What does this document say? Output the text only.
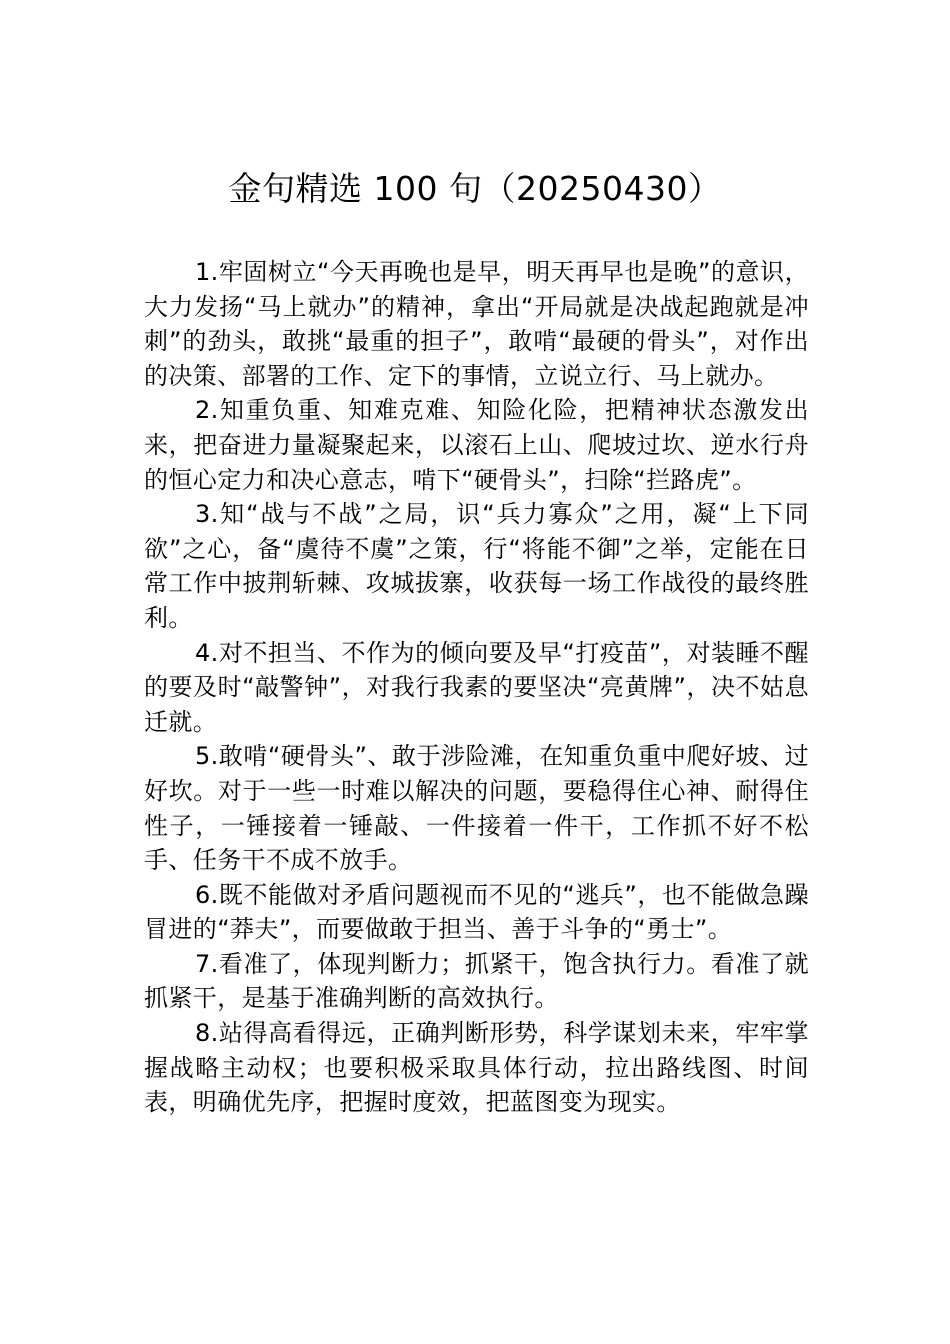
金句精选 100 句（20250430）

1.牢固树立“今天再晚也是早，明天再早也是晚”的意识，大力发扬“马上就办”的精神，拿出“开局就是决战起跑就是冲刺”的劲头，敢挑“最重的担子”，敢啃“最硬的骨头”，对作出的决策、部署的工作、定下的事情，立说立行、马上就办。

2.知重负重、知难克难、知险化险，把精神状态激发出来，把奋进力量凝聚起来，以滚石上山、爬坡过坎、逆水行舟的恒心定力和决心意志，啃下“硬骨头”，扫除“拦路虎”。

3.知“战与不战”之局，识“兵力寡众”之用，凝“上下同欲”之心，备“虞待不虞”之策，行“将能不御”之举，定能在日常工作中披荆斩棘、攻城拔寨，收获每一场工作战役的最终胜利。

4.对不担当、不作为的倾向要及早“打疫苗”，对装睡不醒的要及时“敲警钟”，对我行我素的要坚决“亮黄牌”，决不姑息迁就。

5.敢啃“硬骨头”、敢于涉险滩，在知重负重中爬好坡、过好坎。对于一些一时难以解决的问题，要稳得住心神、耐得住性子，一锤接着一锤敲、一件接着一件干，工作抓不好不松手、任务干不成不放手。

6.既不能做对矛盾问题视而不见的“逃兵”，也不能做急躁冒进的“莽夫”，而要做敢于担当、善于斗争的“勇士”。

7.看准了，体现判断力；抓紧干，饱含执行力。看准了就抓紧干，是基于准确判断的高效执行。

8.站得高看得远，正确判断形势，科学谋划未来，牢牢掌握战略主动权；也要积极采取具体行动，拉出路线图、时间表，明确优先序，把握时度效，把蓝图变为现实。
